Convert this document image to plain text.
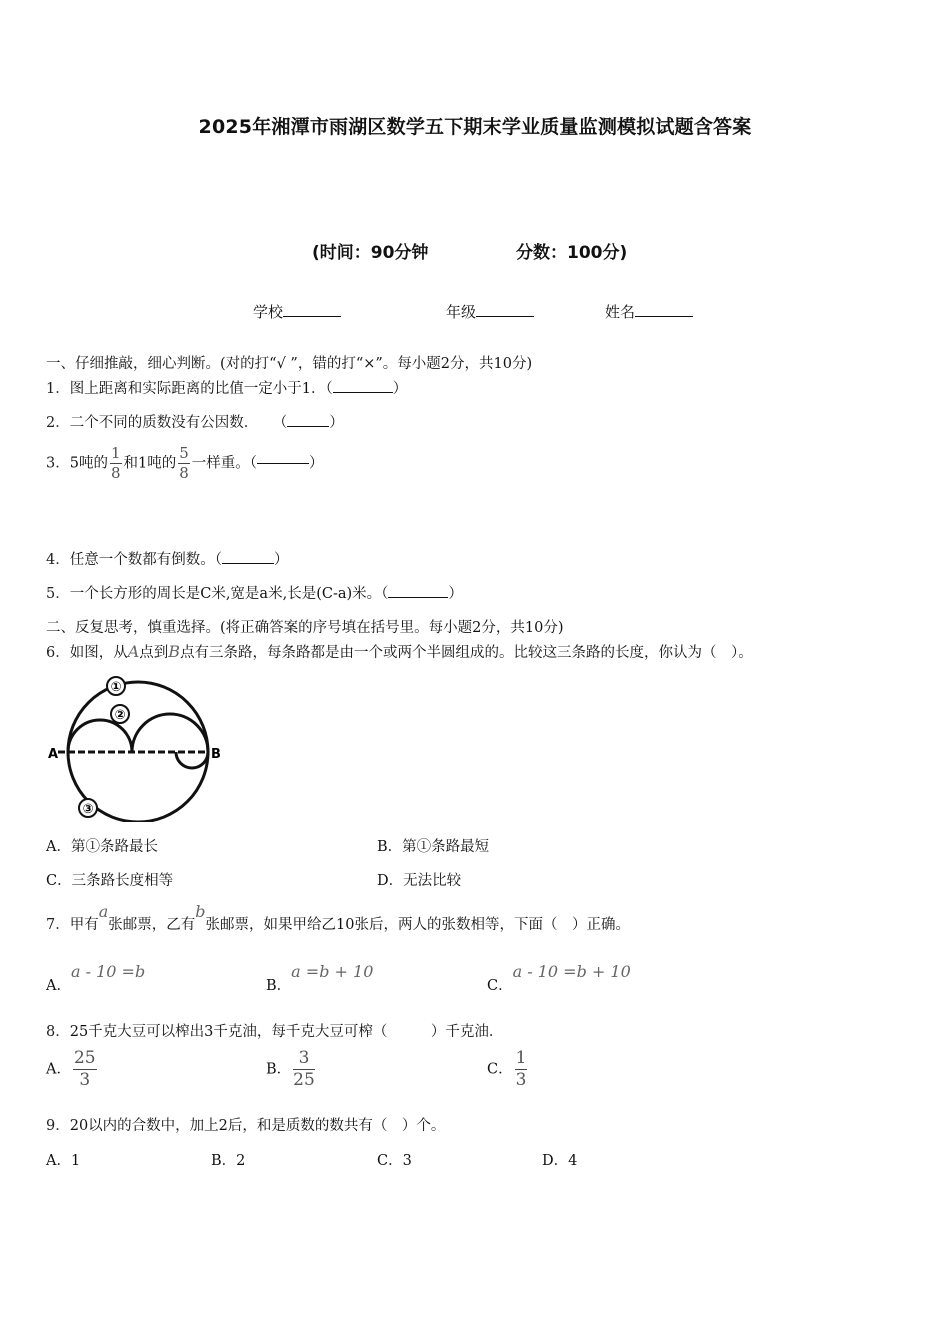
2025年湘潭市雨湖区数学五下期末学业质量监测模拟试题含答案
(时间：90分钟	分数：100分)
学校	年级	姓名
一、仔细推敲，细心判断。(对的打“√ ”，错的打“×”。每小题2分，共10分)
1．图上距离和实际距离的比值一定小于1．（	）
2．二个不同的质数没有公因数．　　（	）
3．5吨的 $\frac{1}{8}$ 和1吨的 $\frac{5}{8}$ 一样重。（	）
4．任意一个数都有倒数。（	）
5．一个长方形的周长是C米,宽是a米,长是(C-a)米。（	）
二、反复思考，慎重选择。(将正确答案的序号填在括号里。每小题2分，共10分)
6．如图，从A点到B点有三条路，每条路都是由一个或两个半圆组成的。比较这三条路的长度，你认为（　）。
①
②
③
A	B
A．第①条路最长	B．第①条路最短
C．三条路长度相等	D．无法比较
7．甲有a张邮票，乙有b张邮票，如果甲给乙10张后，两人的张数相等，下面（　）正确。
A．a - 10 =b
B．a =b + 10
C．a - 10 =b + 10
8．25千克大豆可以榨出3千克油，每千克大豆可榨（　　　）千克油．
A． $\frac{25}{3}$	B． $\frac{3}{25}$	C． $\frac{1}{3}$
9．20以内的合数中，加上2后，和是质数的数共有（　）个。
A．1	B．2	C．3	D．4
